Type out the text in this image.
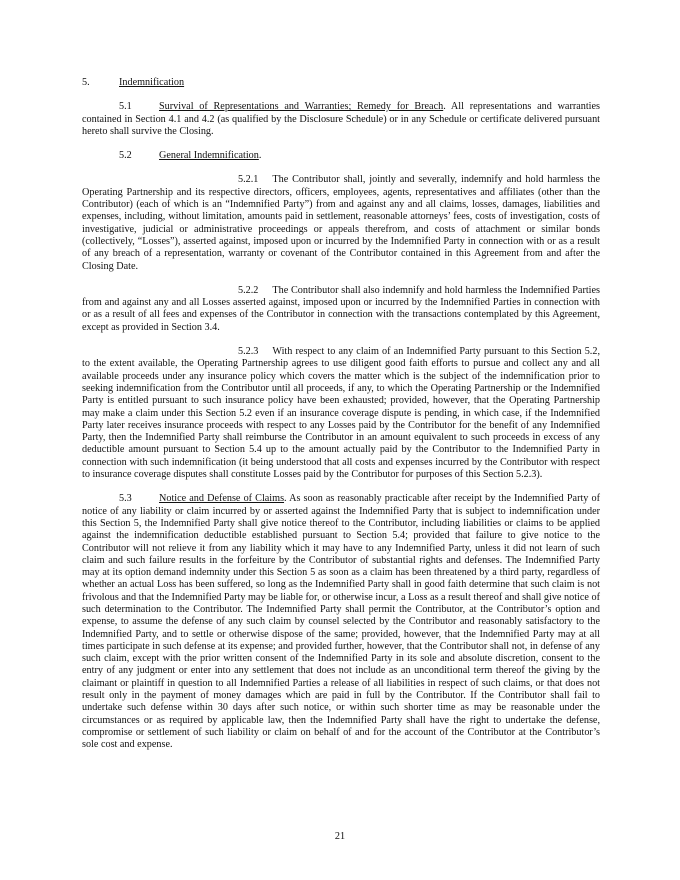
5.	Indemnification

5.1	Survival of Representations and Warranties; Remedy for Breach. All representations and warranties contained in Section 4.1 and 4.2 (as qualified by the Disclosure Schedule) or in any Schedule or certificate delivered pursuant hereto shall survive the Closing.

5.2	General Indemnification.

5.2.1 The Contributor shall, jointly and severally, indemnify and hold harmless the Operating Partnership and its respective directors, officers, employees, agents, representatives and affiliates (other than the Contributor) (each of which is an “Indemnified Party”) from and against any and all claims, losses, damages, liabilities and expenses, including, without limitation, amounts paid in settlement, reasonable attorneys’ fees, costs of investigation, costs of investigative, judicial or administrative proceedings or appeals therefrom, and costs of attachment or similar bonds (collectively, “Losses”), asserted against, imposed upon or incurred by the Indemnified Party in connection with or as a result of any breach of a representation, warranty or covenant of the Contributor contained in this Agreement from and after the Closing Date.

5.2.2 The Contributor shall also indemnify and hold harmless the Indemnified Parties from and against any and all Losses asserted against, imposed upon or incurred by the Indemnified Parties in connection with or as a result of all fees and expenses of the Contributor in connection with the transactions contemplated by this Agreement, except as provided in Section 3.4.

5.2.3 With respect to any claim of an Indemnified Party pursuant to this Section 5.2, to the extent available, the Operating Partnership agrees to use diligent good faith efforts to pursue and collect any and all available proceeds under any insurance policy which covers the matter which is the subject of the indemnification prior to seeking indemnification from the Contributor until all proceeds, if any, to which the Operating Partnership or the Indemnified Party is entitled pursuant to such insurance policy have been exhausted; provided, however, that the Operating Partnership may make a claim under this Section 5.2 even if an insurance coverage dispute is pending, in which case, if the Indemnified Party later receives insurance proceeds with respect to any Losses paid by the Contributor for the benefit of any Indemnified Party, then the Indemnified Party shall reimburse the Contributor in an amount equivalent to such proceeds in excess of any deductible amount pursuant to Section 5.4 up to the amount actually paid by the Contributor to the Indemnified Party in connection with such indemnification (it being understood that all costs and expenses incurred by the Contributor with respect to insurance coverage disputes shall constitute Losses paid by the Contributor for purposes of this Section 5.2.3).

5.3	Notice and Defense of Claims. As soon as reasonably practicable after receipt by the Indemnified Party of notice of any liability or claim incurred by or asserted against the Indemnified Party that is subject to indemnification under this Section 5, the Indemnified Party shall give notice thereof to the Contributor, including liabilities or claims to be applied against the indemnification deductible established pursuant to Section 5.4; provided that failure to give notice to the Contributor will not relieve it from any liability which it may have to any Indemnified Party, unless it did not learn of such claim and such failure results in the forfeiture by the Contributor of substantial rights and defenses. The Indemnified Party may at its option demand indemnity under this Section 5 as soon as a claim has been threatened by a third party, regardless of whether an actual Loss has been suffered, so long as the Indemnified Party shall in good faith determine that such claim is not frivolous and that the Indemnified Party may be liable for, or otherwise incur, a Loss as a result thereof and shall give notice of such determination to the Contributor. The Indemnified Party shall permit the Contributor, at the Contributor’s option and expense, to assume the defense of any such claim by counsel selected by the Contributor and reasonably satisfactory to the Indemnified Party, and to settle or otherwise dispose of the same; provided, however, that the Indemnified Party may at all times participate in such defense at its expense; and provided further, however, that the Contributor shall not, in defense of any such claim, except with the prior written consent of the Indemnified Party in its sole and absolute discretion, consent to the entry of any judgment or enter into any settlement that does not include as an unconditional term thereof the giving by the claimant or plaintiff in question to all Indemnified Parties a release of all liabilities in respect of such claims, or that does not result only in the payment of money damages which are paid in full by the Contributor. If the Contributor shall fail to undertake such defense within 30 days after such notice, or within such shorter time as may be reasonable under the circumstances or as required by applicable law, then the Indemnified Party shall have the right to undertake the defense, compromise or settlement of such liability or claim on behalf of and for the account of the Contributor at the Contributor’s sole cost and expense.

21
